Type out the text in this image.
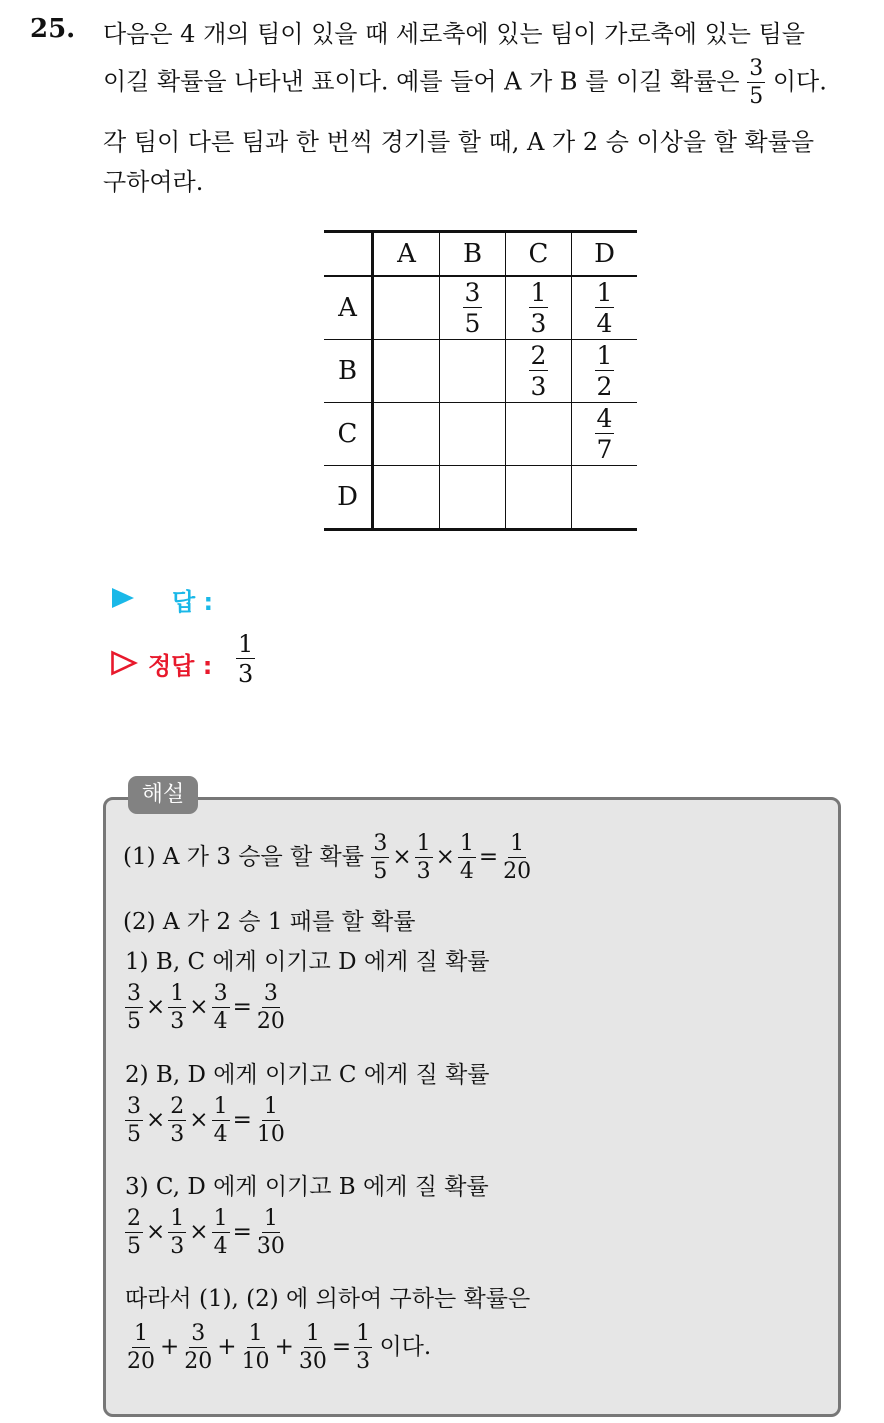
25. 다음은 4 개의 팀이 있을 때 세로축에 있는 팀이 가로축에 있는 팀을
이길 확률을 나타낸 표이다. 예를 들어 A 가 B 를 이길 확률은 $\frac{3}{5}$ 이다.
각 팀이 다른 팀과 한 번씩 경기를 할 때, A 가 2 승 이상을 할 확률을
구하여라.
	A	B	C	D
A		$\frac{3}{5}$	$\frac{1}{3}$	$\frac{1}{4}$

B			$\frac{2}{3}$	$\frac{1}{2}$

C				$\frac{4}{7}$

D				
답 :
정답 : $\frac{1}{3}$
해설
(1) A 가 3 승을 할 확률 $\frac{3}{5} \times \frac{1}{3} \times \frac{1}{4} = \frac{1}{20}$
(2) A 가 2 승 1 패를 할 확률
1) B, C 에게 이기고 D 에게 질 확률
$\frac{3}{5} \times \frac{1}{3} \times \frac{3}{4} = \frac{3}{20}$
2) B, D 에게 이기고 C 에게 질 확률
$\frac{3}{5} \times \frac{2}{3} \times \frac{1}{4} = \frac{1}{10}$
3) C, D 에게 이기고 B 에게 질 확률
$\frac{2}{5} \times \frac{1}{3} \times \frac{1}{4} = \frac{1}{30}$
따라서 (1), (2) 에 의하여 구하는 확률은
$\frac{1}{20} + \frac{3}{20} + \frac{1}{10} + \frac{1}{30} = \frac{1}{3}$ 이다.
